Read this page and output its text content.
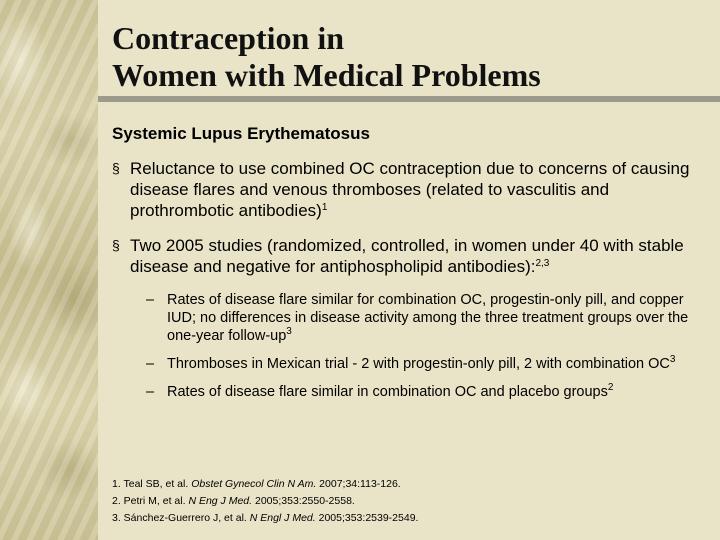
Contraception in
Women with Medical Problems

Systemic Lupus Erythematosus

§ Reluctance to use combined OC contraception due to concerns of causing disease flares and venous thromboses (related to vasculitis and prothrombotic antibodies)$^1$
§ Two 2005 studies (randomized, controlled, in women under 40 with stable disease and negative for antiphospholipid antibodies):$^{2,3}$
– Rates of disease flare similar for combination OC, progestin-only pill, and copper IUD; no differences in disease activity among the three treatment groups over the one-year follow-$up^3$
– Thromboses in Mexican trial - 2 with progestin-only pill, 2 with combination $OC^3$
– Rates of disease flare similar in combination OC and placebo groups$^2$
1. Teal SB, et al. Obstet Gynecol Clin N Am. 2007;34:113-126.
2. Petri M, et al. N Eng J Med. 2005;353:2550-2558.
3. Sánchez-Guerrero J, et al. N Engl J Med. 2005;353:2539-2549.
